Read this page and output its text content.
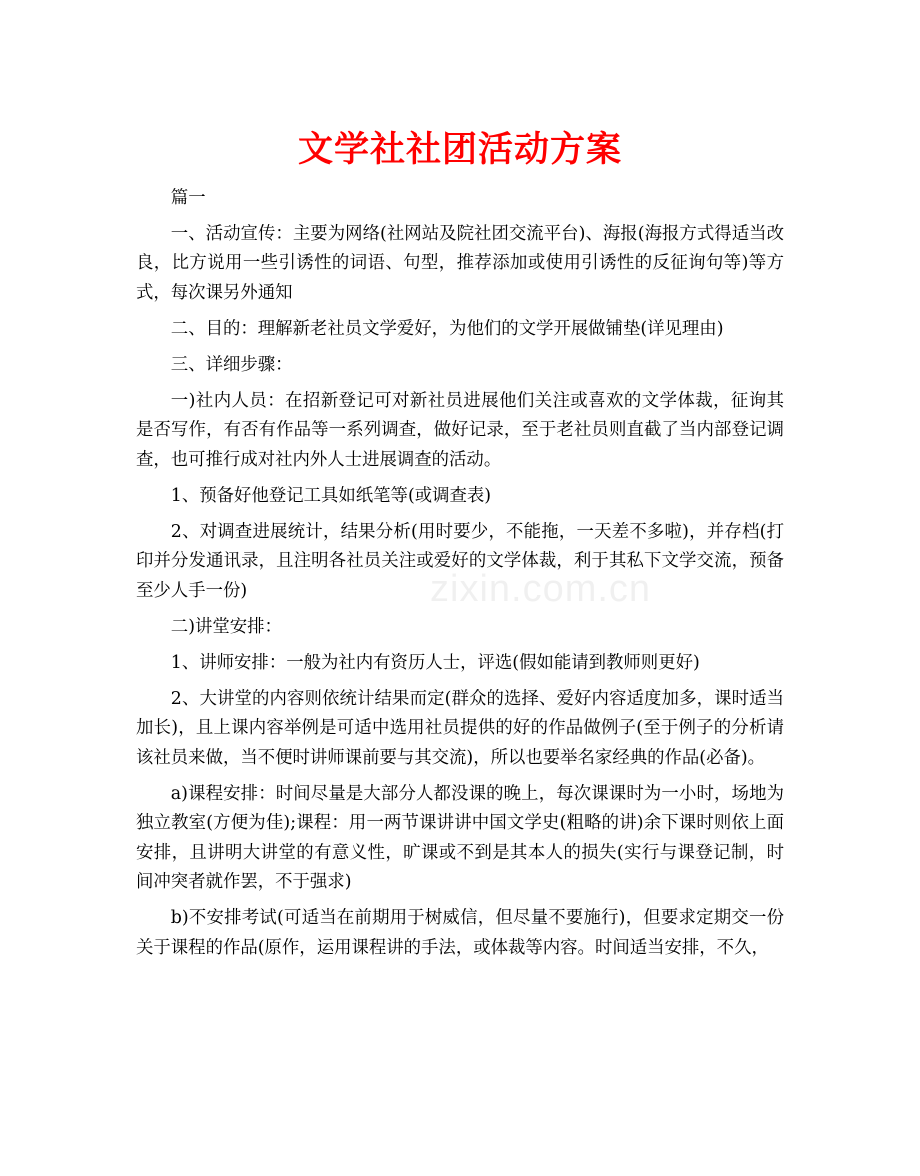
文学社社团活动方案
zixin.com.cn

篇一

一、活动宣传：主要为网络(社网站及院社团交流平台)、海报(海报方式得适当改良，比方说用一些引诱性的词语、句型，推荐添加或使用引诱性的反征询句等)等方式，每次课另外通知

二、目的：理解新老社员文学爱好，为他们的文学开展做铺垫(详见理由)

三、详细步骤：

一)社内人员：在招新登记可对新社员进展他们关注或喜欢的文学体裁，征询其是否写作，有否有作品等一系列调查，做好记录，至于老社员则直截了当内部登记调查，也可推行成对社内外人士进展调查的活动。

1、预备好他登记工具如纸笔等(或调查表)

2、对调查进展统计，结果分析(用时要少，不能拖，一天差不多啦)，并存档(打印并分发通讯录，且注明各社员关注或爱好的文学体裁，利于其私下文学交流，预备至少人手一份)

二)讲堂安排：

1、讲师安排：一般为社内有资历人士，评选(假如能请到教师则更好)

2、大讲堂的内容则依统计结果而定(群众的选择、爱好内容适度加多，课时适当加长)，且上课内容举例是可适中选用社员提供的好的作品做例子(至于例子的分析请该社员来做，当不便时讲师课前要与其交流)，所以也要举名家经典的作品(必备)。

a)课程安排：时间尽量是大部分人都没课的晚上，每次课课时为一小时，场地为独立教室(方便为佳);课程：用一两节课讲讲中国文学史(粗略的讲)余下课时则依上面安排，且讲明大讲堂的有意义性，旷课或不到是其本人的损失(实行与课登记制，时间冲突者就作罢，不于强求)

b)不安排考试(可适当在前期用于树威信，但尽量不要施行)，但要求定期交一份关于课程的作品(原作，运用课程讲的手法，或体裁等内容。时间适当安排，不久，
